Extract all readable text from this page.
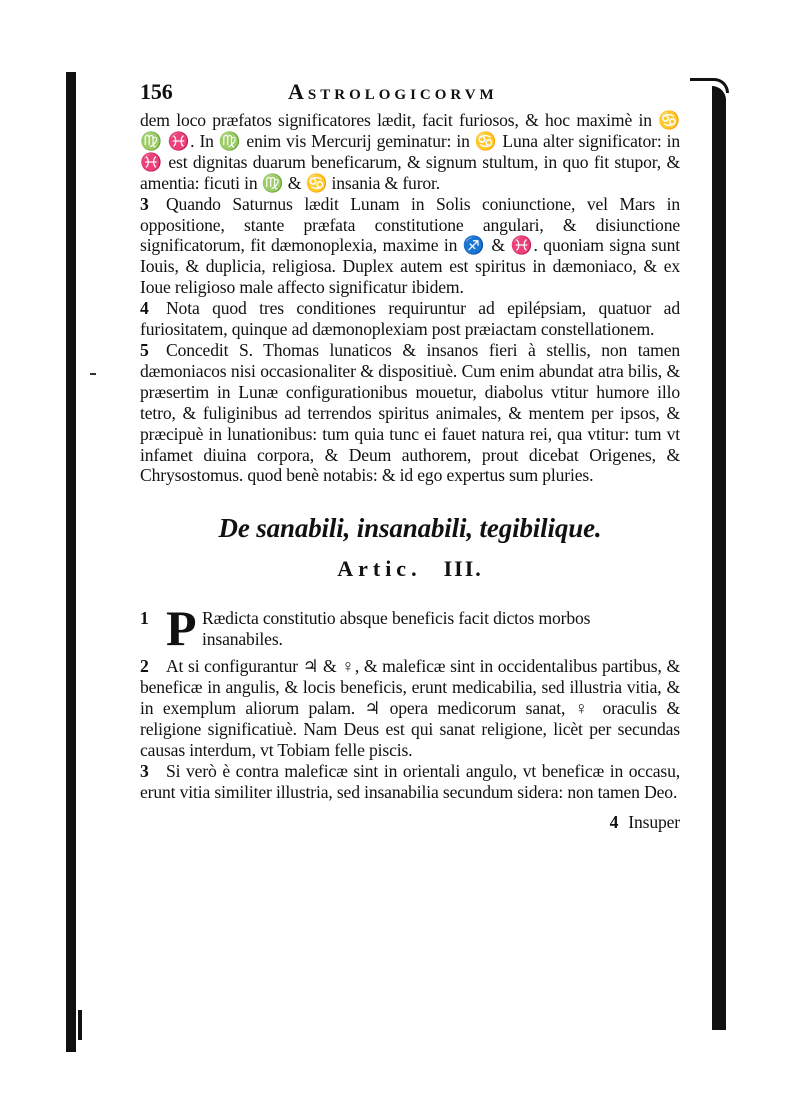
156	Astrologicorvm

dem loco præfatos significatores lædit, facit furiosos, & hoc maximè in ♋ ♍ ♓. In ♍ enim vis Mercurij geminatur: in ♋ Luna alter significator: in ♓ est dignitas duarum beneficarum, & signum stultum, in quo fit stupor, & amentia: ficuti in ♍ & ♋ insania & furor.

3 Quando Saturnus lædit Lunam in Solis coniunctione, vel Mars in oppositione, stante præfata constitutione angulari, & disiunctione significatorum, fit dæmonoplexia, maxime in ♐ & ♓. quoniam signa sunt Iouis, & duplicia, religiosa. Duplex autem est spiritus in dæmoniaco, & ex Ioue religioso male affecto significatur ibidem.

4 Nota quod tres conditiones requiruntur ad epilépsiam, quatuor ad furiositatem, quinque ad dæmonoplexiam post præiactam constellationem.

5 Concedit S. Thomas lunaticos & insanos fieri à stellis, non tamen dæmoniacos nisi occasionaliter & dispositiuè. Cum enim abundat atra bilis, & præsertim in Lunæ configurationibus mouetur, diabolus vtitur humore illo tetro, & fuliginibus ad terrendos spiritus animales, & mentem per ipsos, & præcipuè in lunationibus: tum quia tunc ei fauet natura rei, qua vtitur: tum vt infamet diuina corpora, & Deum authorem, prout dicebat Origenes, & Chrysostomus. quod benè notabis: & id ego expertus sum pluries.

De sanabili, insanabili, tegibilique.
Artic. III.
1 P Rædicta constitutio absque beneficis facit dictos morbos
insanabiles.

2 At si configurantur ♃ & ♀, & maleficæ sint in occidentalibus partibus, & beneficæ in angulis, & locis beneficis, erunt medicabilia, sed illustria vitia, & in exemplum aliorum palam. ♃ opera medicorum sanat, ♀ oraculis & religione significatiuè. Nam Deus est qui sanat religione, licèt per secundas causas interdum, vt Tobiam felle piscis.

3 Si verò è contra maleficæ sint in orientali angulo, vt beneficæ in occasu, erunt vitia similiter illustria, sed insanabilia secundum sidera: non tamen Deo.

4 Insuper
